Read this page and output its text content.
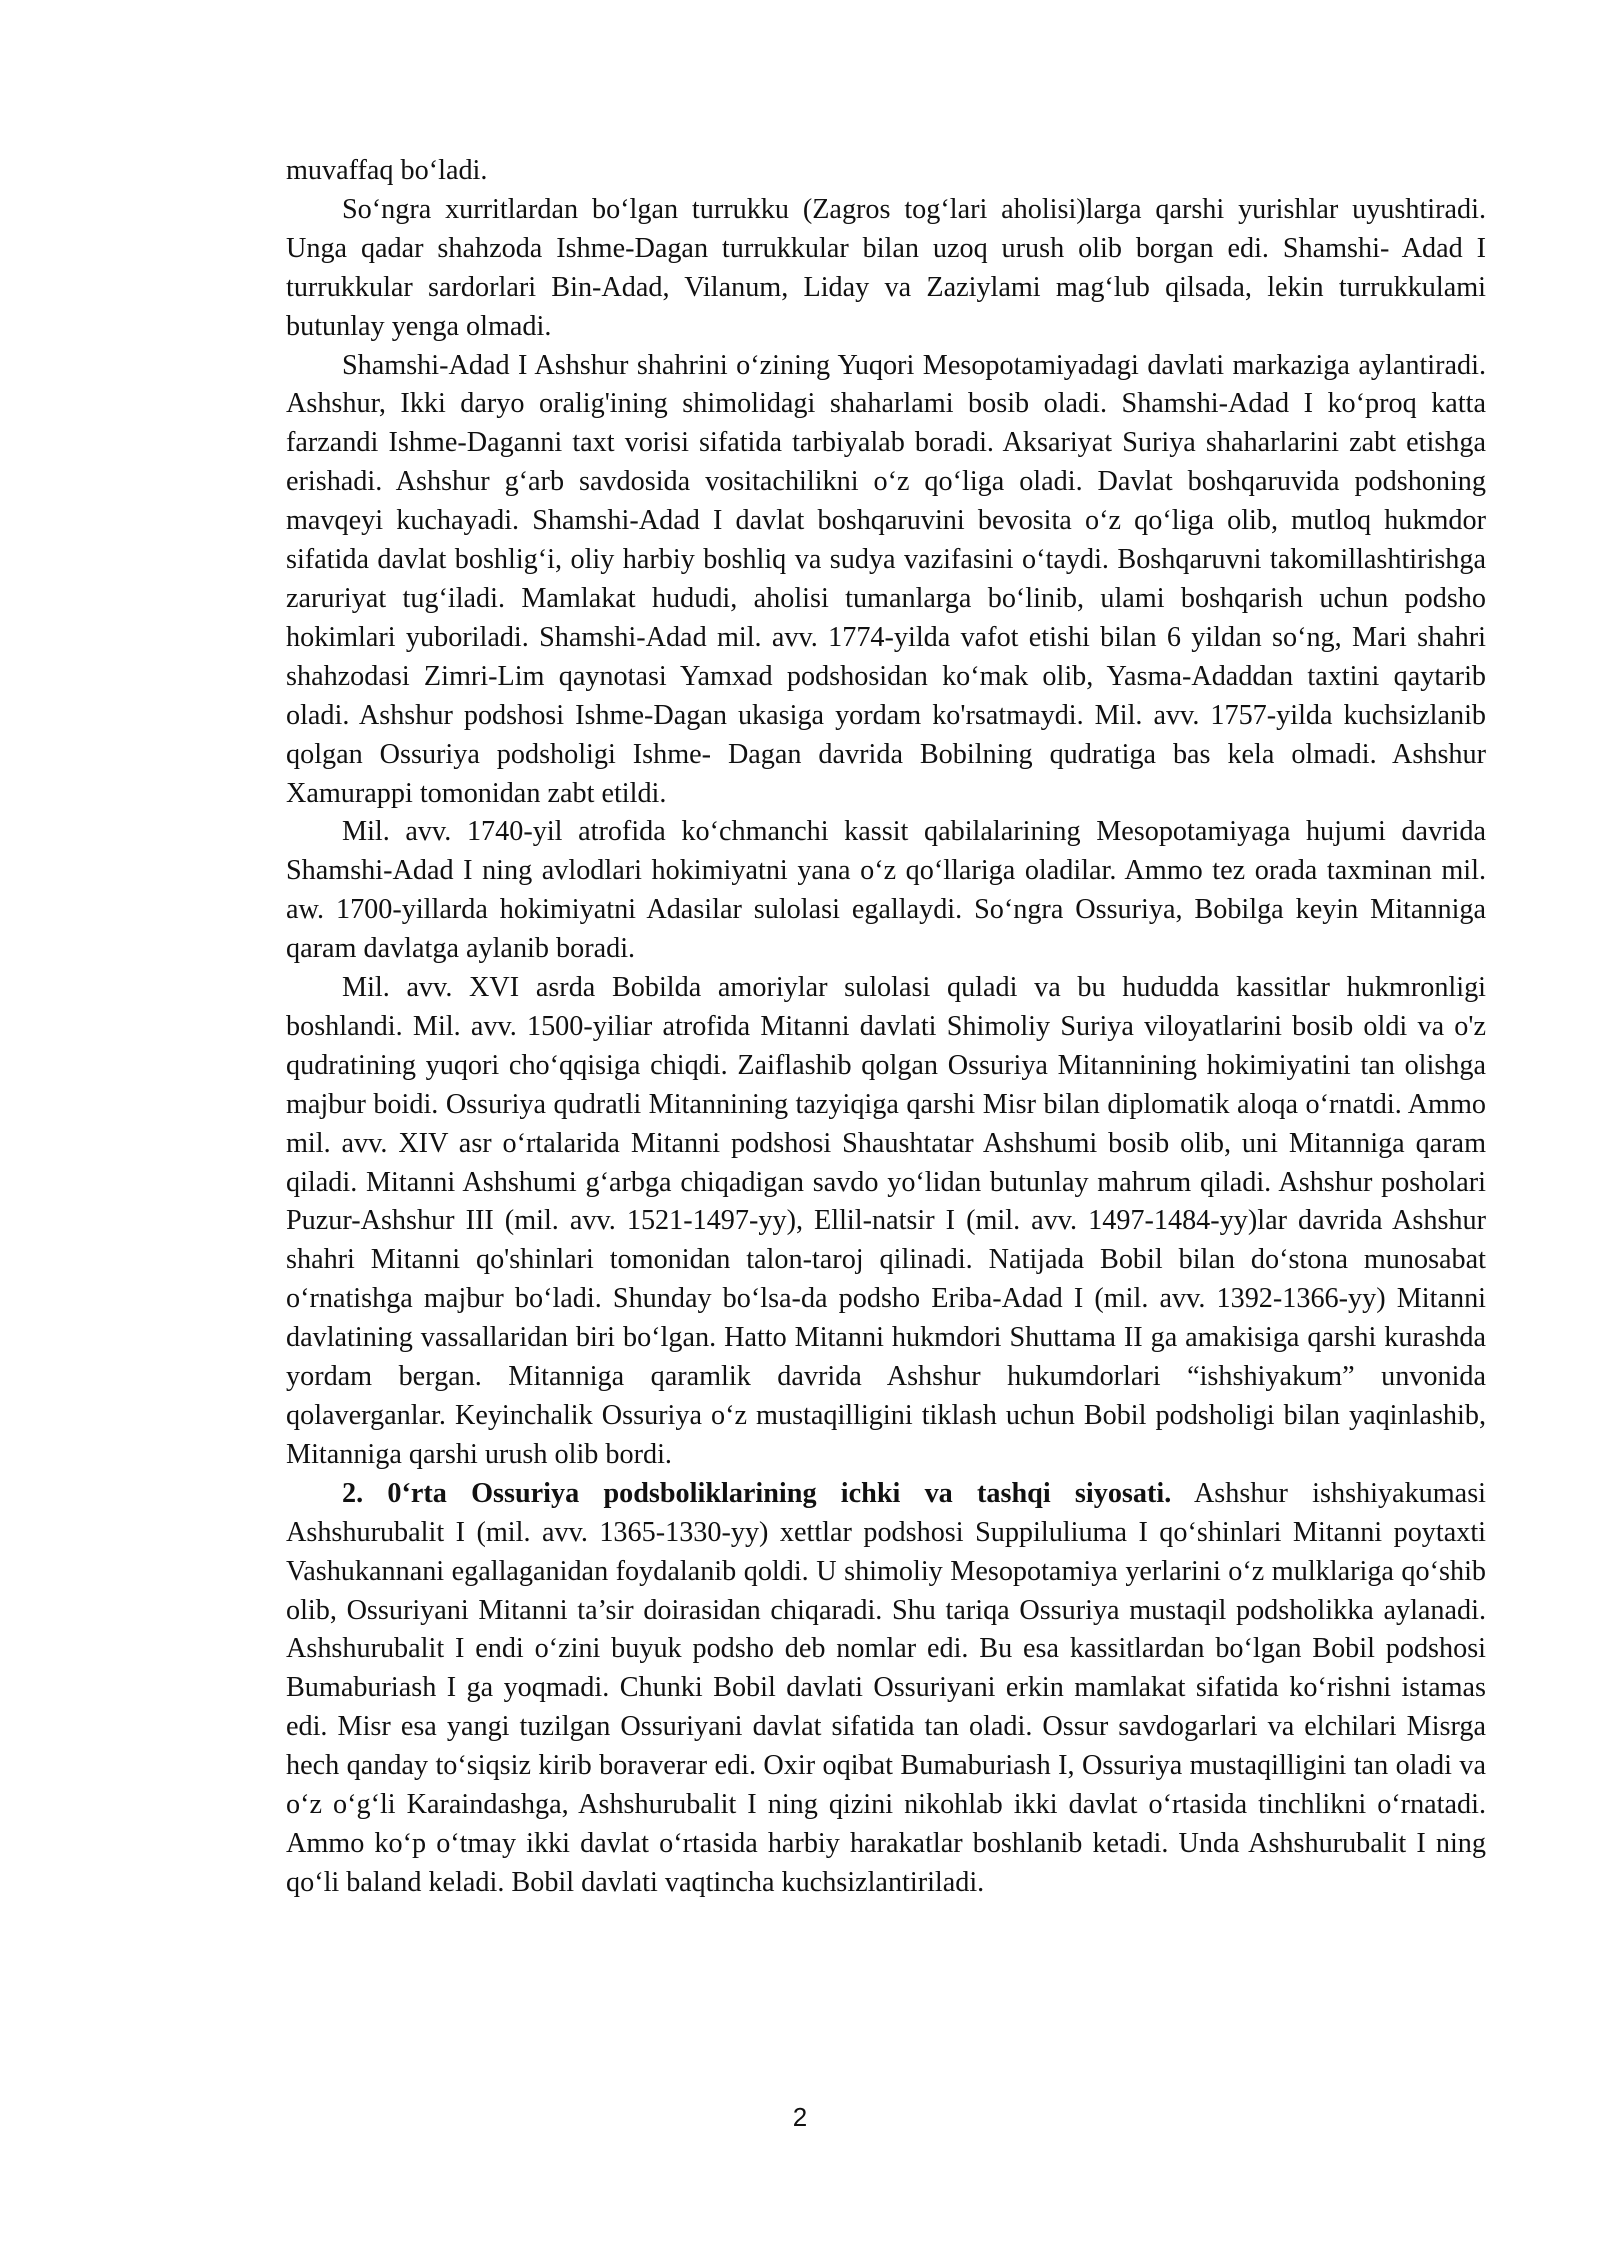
muvaffaq bo‘ladi.

So‘ngra xurritlardan bo‘lgan turrukku (Zagros tog‘lari aholisi)larga qarshi yurishlar uyushtiradi. Unga qadar shahzoda Ishme-Dagan turrukkular bilan uzoq urush olib borgan edi. Shamshi- Adad I turrukkular sardorlari Bin-Adad, Vilanum, Liday va Zaziylami mag‘lub qilsada, lekin turrukkulami butunlay yenga olmadi.

Shamshi-Adad I Ashshur shahrini o‘zining Yuqori Mesopotamiyadagi davlati markaziga aylantiradi. Ashshur, Ikki daryo oralig'ining shimolidagi shaharlami bosib oladi. Shamshi-Adad I ko‘proq katta farzandi Ishme-Daganni taxt vorisi sifatida tarbiyalab boradi. Aksariyat Suriya shaharlarini zabt etishga erishadi. Ashshur g‘arb savdosida vositachilikni o‘z qo‘liga oladi. Davlat boshqaruvida podshoning mavqeyi kuchayadi. Shamshi-Adad I davlat boshqaruvini bevosita o‘z qo‘liga olib, mutloq hukmdor sifatida davlat boshlig‘i, oliy harbiy boshliq va sudya vazifasini o‘taydi. Boshqaruvni takomillashtirishga zaruriyat tug‘iladi. Mamlakat hududi, aholisi tumanlarga bo‘linib, ulami boshqarish uchun podsho hokimlari yuboriladi. Shamshi-Adad mil. avv. 1774-yilda vafot etishi bilan 6 yildan so‘ng, Mari shahri shahzodasi Zimri-Lim qaynotasi Yamxad podshosidan ko‘mak olib, Yasma-Adaddan taxtini qaytarib oladi. Ashshur podshosi Ishme-Dagan ukasiga yordam ko'rsatmaydi. Mil. avv. 1757-yilda kuchsizlanib qolgan Ossuriya podsholigi Ishme- Dagan davrida Bobilning qudratiga bas kela olmadi. Ashshur Xamurappi tomonidan zabt etildi.

Mil. avv. 1740-yil atrofida ko‘chmanchi kassit qabilalarining Mesopotamiyaga hujumi davrida Shamshi-Adad I ning avlodlari hokimiyatni yana o‘z qo‘llariga oladilar. Ammo tez orada taxminan mil. aw. 1700-yillarda hokimiyatni Adasilar sulolasi egallaydi. So‘ngra Ossuriya, Bobilga keyin Mitanniga qaram davlatga aylanib boradi.

Mil. avv. XVI asrda Bobilda amoriylar sulolasi quladi va bu hududda kassitlar hukmronligi boshlandi. Mil. avv. 1500-yiliar atrofida Mitanni davlati Shimoliy Suriya viloyatlarini bosib oldi va o'z qudratining yuqori cho‘qqisiga chiqdi. Zaiflashib qolgan Ossuriya Mitannining hokimiyatini tan olishga majbur boidi. Ossuriya qudratli Mitannining tazyiqiga qarshi Misr bilan diplomatik aloqa o‘rnatdi. Ammo mil. avv. XIV asr o‘rtalarida Mitanni podshosi Shaushtatar Ashshumi bosib olib, uni Mitanniga qaram qiladi. Mitanni Ashshumi g‘arbga chiqadigan savdo yo‘lidan butunlay mahrum qiladi. Ashshur posholari Puzur-Ashshur III (mil. avv. 1521-1497-yy), Ellil-natsir I (mil. avv. 1497-1484-yy)lar davrida Ashshur shahri Mitanni qo'shinlari tomonidan talon-taroj qilinadi. Natijada Bobil bilan do‘stona munosabat o‘rnatishga majbur bo‘ladi. Shunday bo‘lsa-da podsho Eriba-Adad I (mil. avv. 1392-1366-yy) Mitanni davlatining vassallaridan biri bo‘lgan. Hatto Mitanni hukmdori Shuttama II ga amakisiga qarshi kurashda yordam bergan. Mitanniga qaramlik davrida Ashshur hukumdorlari “ishshiyakum” unvonida qolaverganlar. Keyinchalik Ossuriya o‘z mustaqilligini tiklash uchun Bobil podsholigi bilan yaqinlashib, Mitanniga qarshi urush olib bordi.

2. 0‘rta Ossuriya podsboliklarining ichki va tashqi siyosati. Ashshur ishshiyakumasi Ashshurubalit I (mil. avv. 1365-1330-yy) xettlar podshosi Suppiluliuma I qo‘shinlari Mitanni poytaxti Vashukannani egallaganidan foydalanib qoldi. U shimoliy Mesopotamiya yerlarini o‘z mulklariga qo‘shib olib, Ossuriyani Mitanni ta’sir doirasidan chiqaradi. Shu tariqa Ossuriya mustaqil podsholikka aylanadi. Ashshurubalit I endi o‘zini buyuk podsho deb nomlar edi. Bu esa kassitlardan bo‘lgan Bobil podshosi Bumaburiash I ga yoqmadi. Chunki Bobil davlati Ossuriyani erkin mamlakat sifatida ko‘rishni istamas edi. Misr esa yangi tuzilgan Ossuriyani davlat sifatida tan oladi. Ossur savdogarlari va elchilari Misrga hech qanday to‘siqsiz kirib boraverar edi. Oxir oqibat Bumaburiash I, Ossuriya mustaqilligini tan oladi va o‘z o‘g‘li Karaindashga, Ashshurubalit I ning qizini nikohlab ikki davlat o‘rtasida tinchlikni o‘rnatadi. Ammo ko‘p o‘tmay ikki davlat o‘rtasida harbiy harakatlar boshlanib ketadi. Unda Ashshurubalit I ning qo‘li baland keladi. Bobil davlati vaqtincha kuchsizlantiriladi.

2
